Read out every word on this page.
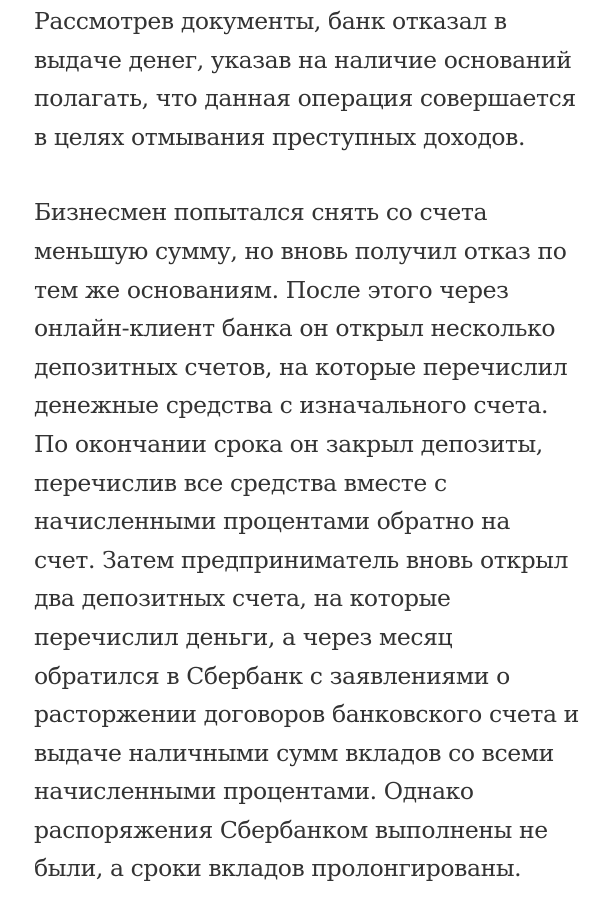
Рассмотрев документы, банк отказал в
выдаче денег, указав на наличие оснований
полагать, что данная операция совершается
в целях отмывания преступных доходов.

Бизнесмен попытался снять со счета
меньшую сумму, но вновь получил отказ по
тем же основаниям. После этого через
онлайн-клиент банка он открыл несколько
депозитных счетов, на которые перечислил
денежные средства с изначального счета.
По окончании срока он закрыл депозиты,
перечислив все средства вместе с
начисленными процентами обратно на
счет. Затем предприниматель вновь открыл
два депозитных счета, на которые
перечислил деньги, а через месяц
обратился в Сбербанк с заявлениями о
расторжении договоров банковского счета и
выдаче наличными сумм вкладов со всеми
начисленными процентами. Однако
распоряжения Сбербанком выполнены не
были, а сроки вкладов пролонгированы.
